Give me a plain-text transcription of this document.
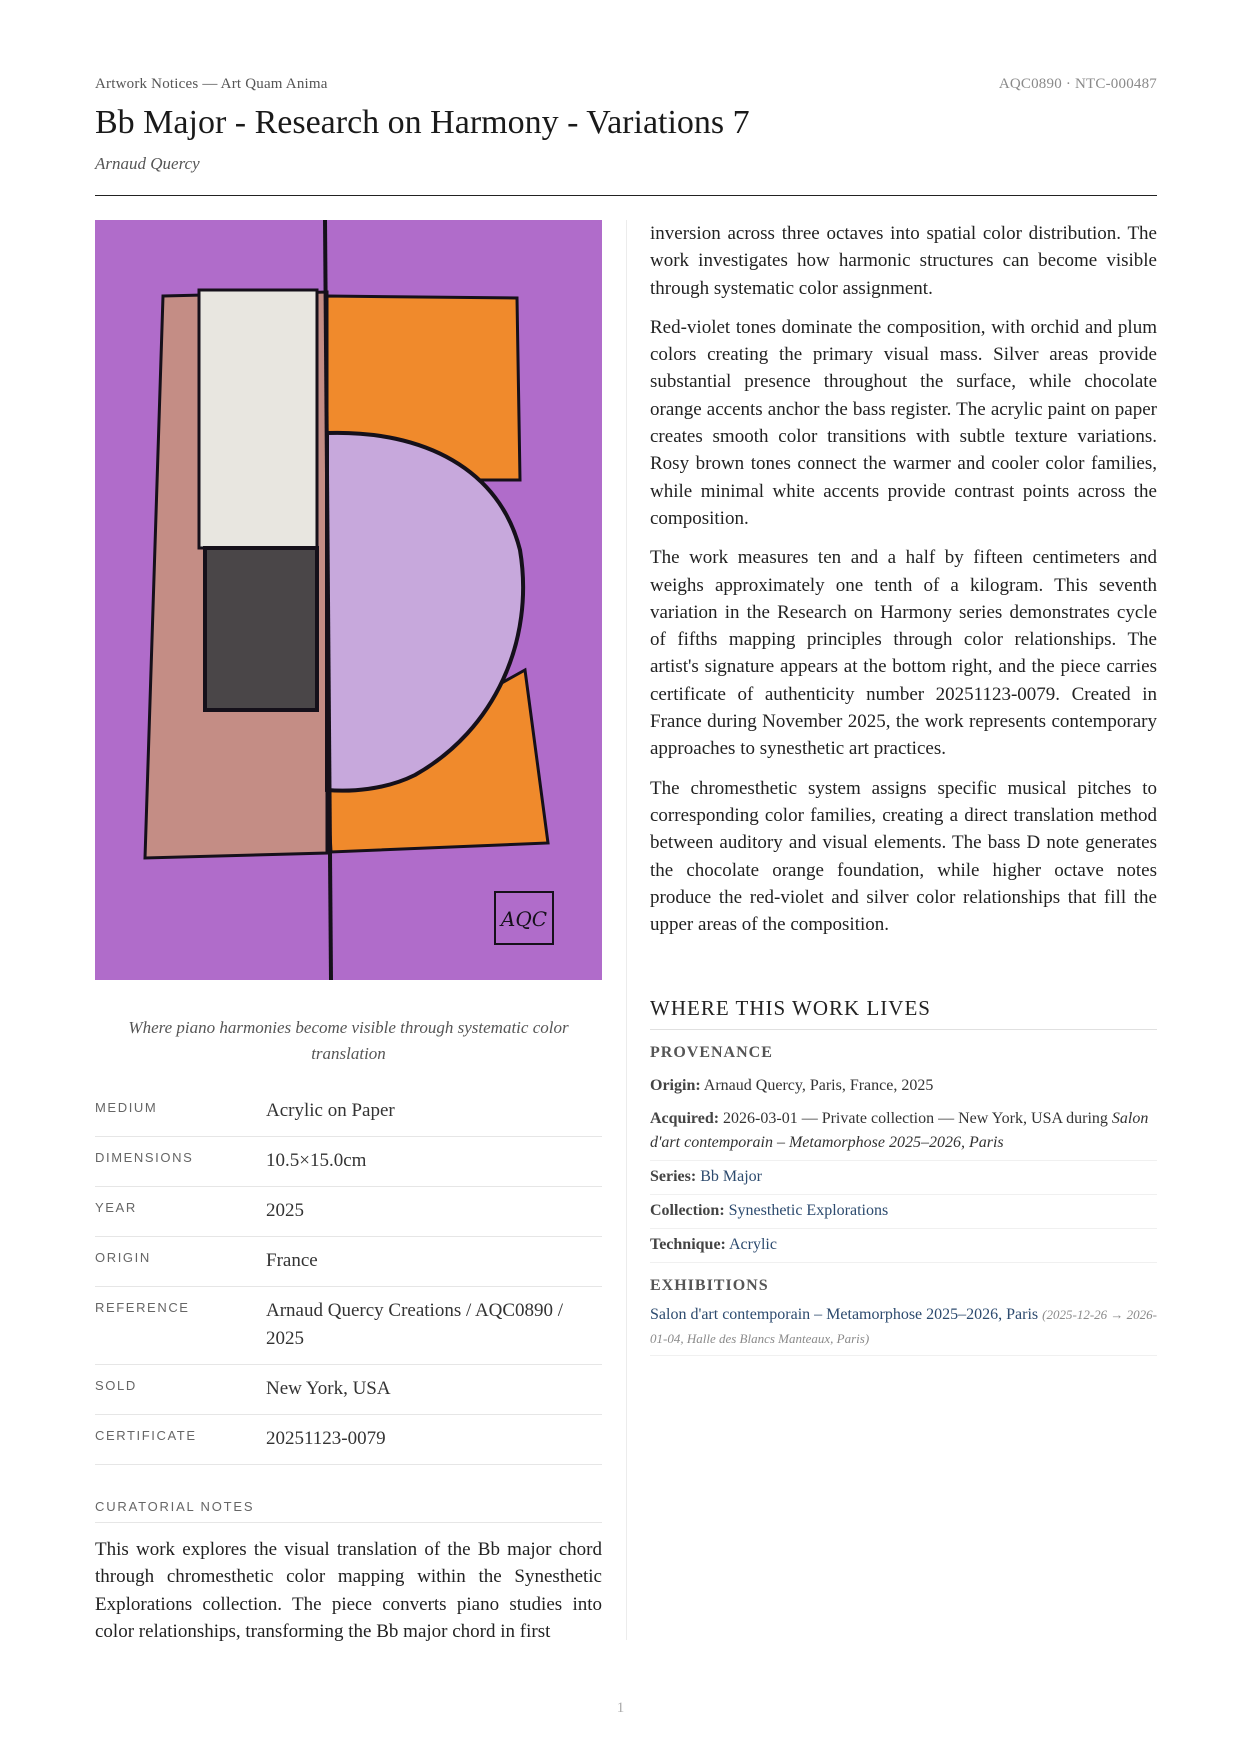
Artwork Notices — Art Quam Anima	AQC0890 · NTC-000487
Bb Major - Research on Harmony - Variations 7
Arnaud Quercy
AQC
Where piano harmonies become visible through systematic color translation
MEDIUM	Acrylic on Paper
DIMENSIONS	10.5×15.0cm
YEAR	2025
ORIGIN	France
REFERENCE	Arnaud Quercy Creations / AQC0890 / 2025
SOLD	New York, USA
CERTIFICATE	20251123-0079
CURATORIAL NOTES

This work explores the visual translation of the Bb major chord through chromesthetic color mapping within the Synesthetic Explorations collection. The piece converts piano studies into color relationships, transforming the Bb major chord in first

inversion across three octaves into spatial color distribution. The work investigates how harmonic structures can become visible through systematic color assignment.

Red-violet tones dominate the composition, with orchid and plum colors creating the primary visual mass. Silver areas provide substantial presence throughout the surface, while chocolate orange accents anchor the bass register. The acrylic paint on paper creates smooth color transitions with subtle texture variations. Rosy brown tones connect the warmer and cooler color families, while minimal white accents provide contrast points across the composition.

The work measures ten and a half by fifteen centimeters and weighs approximately one tenth of a kilogram. This seventh variation in the Research on Harmony series demonstrates cycle of fifths mapping principles through color relationships. The artist's signature appears at the bottom right, and the piece carries certificate of authenticity number 20251123-0079. Created in France during November 2025, the work represents contemporary approaches to synesthetic art practices.

The chromesthetic system assigns specific musical pitches to corresponding color families, creating a direct translation method between auditory and visual elements. The bass D note generates the chocolate orange foundation, while higher octave notes produce the red-violet and silver color relationships that fill the upper areas of the composition.

WHERE THIS WORK LIVES
PROVENANCE
Origin: Arnaud Quercy, Paris, France, 2025
Acquired: 2026-03-01 — Private collection — New York, USA during Salon d'art contemporain – Metamorphose 2025–2026, Paris
Series: Bb Major
Collection: Synesthetic Explorations
Technique: Acrylic
EXHIBITIONS
Salon d'art contemporain – Metamorphose 2025–2026, Paris (2025-12-26 → 2026-01-04, Halle des Blancs Manteaux, Paris)
1
